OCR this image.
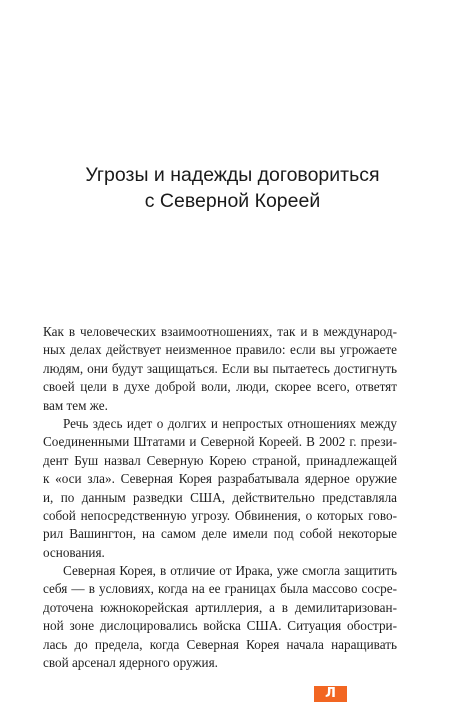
Угрозы и надежды договориться
с Северной Кореей
Как в человеческих взаимоотношениях, так и в международ-
ных делах действует неизменное правило: если вы угрожаете
людям, они будут защищаться. Если вы пытаетесь достигнуть
своей цели в духе доброй воли, люди, скорее всего, ответят
вам тем же.
Речь здесь идет о долгих и непростых отношениях между
Соединенными Штатами и Северной Кореей. В 2002 г. прези-
дент Буш назвал Северную Корею страной, принадлежащей
к «оси зла». Северная Корея разрабатывала ядерное оружие
и, по данным разведки США, действительно представляла
собой непосредственную угрозу. Обвинения, о которых гово-
рил Вашингтон, на самом деле имели под собой некоторые
основания.
Северная Корея, в отличие от Ирака, уже смогла защитить
себя — в условиях, когда на ее границах была массово сосре-
доточена южнокорейская артиллерия, а в демилитаризован-
ной зоне дислоцировались войска США. Ситуация обостри-
лась до предела, когда Северная Корея начала наращивать
свой арсенал ядерного оружия.
Л
